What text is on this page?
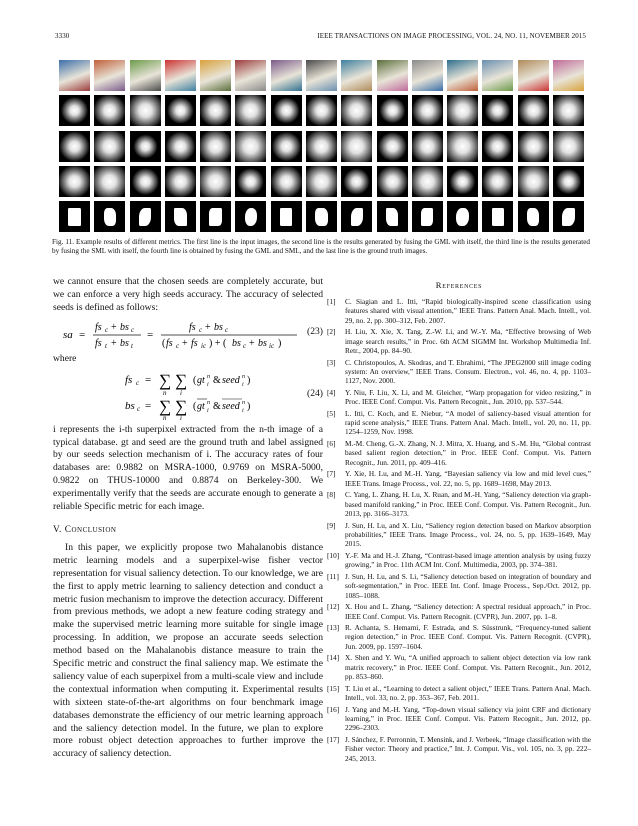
3330	IEEE TRANSACTIONS ON IMAGE PROCESSING, VOL. 24, NO. 11, NOVEMBER 2015
Fig. 11. Example results of different metrics. The first line is the input images, the second line is the results generated by fusing the GML with itself, the third line is the results generated by fusing the SML with itself, the fourth line is obtained by fusing the GML and SML, and the last line is the ground truth images.

we cannot ensure that the chosen seeds are completely accurate, but we can enforce a very high seeds accuracy. The accuracy of selected seeds is defined as follows:

sa =
fs c + bs c
fs t + bs t
=
fs c + bs c
( fs c + fs ic ) + ( bs c + bs ic )
(23)

where

fs c = ∑
n
∑
i
( gt n
i & seed n
i )
bs c = ∑
n
∑
i
( gt n
i & seed n
i )
(24)

i represents the i-th superpixel extracted from the n-th image of a typical database. gt and seed are the ground truth and label assigned by our seeds selection mechanism of i. The accuracy rates of four databases are: 0.9882 on MSRA-1000, 0.9769 on MSRA-5000, 0.9822 on THUS-10000 and 0.8874 on Berkeley-300. We experimentally verify that the seeds are accurate enough to generate a reliable Specific metric for each image.

V. Conclusion

In this paper, we explicitly propose two Mahalanobis distance metric learning models and a superpixel-wise fisher vector representation for visual saliency detection. To our knowledge, we are the first to apply metric learning to saliency detection and conduct a metric fusion mechanism to improve the detection accuracy. Different from previous methods, we adopt a new feature coding strategy and make the supervised metric learning more suitable for single image processing. In addition, we propose an accurate seeds selection method based on the Mahalanobis distance measure to train the Specific metric and construct the final saliency map. We estimate the saliency value of each superpixel from a multi-scale view and include the contextual information when computing it. Experimental results with sixteen state-of-the-art algorithms on four benchmark image databases demonstrate the efficiency of our metric learning approach and the saliency detection model. In the future, we plan to explore more robust object detection approaches to further improve the accuracy of saliency detection.

References
[1] C. Siagian and L. Itti, “Rapid biologically-inspired scene classification using features shared with visual attention,” IEEE Trans. Pattern Anal. Mach. Intell., vol. 29, no. 2, pp. 300–312, Feb. 2007.
[2] H. Liu, X. Xie, X. Tang, Z.-W. Li, and W.-Y. Ma, “Effective browsing of Web image search results,” in Proc. 6th ACM SIGMM Int. Workshop Multimedia Inf. Retr., 2004, pp. 84–90.
[3] C. Christopoulos, A. Skodras, and T. Ebrahimi, “The JPEG2000 still image coding system: An overview,” IEEE Trans. Consum. Electron., vol. 46, no. 4, pp. 1103–1127, Nov. 2000.
[4] Y. Niu, F. Liu, X. Li, and M. Gleicher, “Warp propagation for video resizing,” in Proc. IEEE Conf. Comput. Vis. Pattern Recognit., Jun. 2010, pp. 537–544.
[5] L. Itti, C. Koch, and E. Niebur, “A model of saliency-based visual attention for rapid scene analysis,” IEEE Trans. Pattern Anal. Mach. Intell., vol. 20, no. 11, pp. 1254–1259, Nov. 1998.
[6] M.-M. Cheng, G.-X. Zhang, N. J. Mitra, X. Huang, and S.-M. Hu, “Global contrast based salient region detection,” in Proc. IEEE Conf. Comput. Vis. Pattern Recognit., Jun. 2011, pp. 409–416.
[7] Y. Xie, H. Lu, and M.-H. Yang, “Bayesian saliency via low and mid level cues,” IEEE Trans. Image Process., vol. 22, no. 5, pp. 1689–1698, May 2013.
[8] C. Yang, L. Zhang, H. Lu, X. Ruan, and M.-H. Yang, “Saliency detection via graph-based manifold ranking,” in Proc. IEEE Conf. Comput. Vis. Pattern Recognit., Jun. 2013, pp. 3166–3173.
[9] J. Sun, H. Lu, and X. Liu, “Saliency region detection based on Markov absorption probabilities,” IEEE Trans. Image Process., vol. 24, no. 5, pp. 1639–1649, May 2015.
[10] Y.-F. Ma and H.-J. Zhang, “Contrast-based image attention analysis by using fuzzy growing,” in Proc. 11th ACM Int. Conf. Multimedia, 2003, pp. 374–381.
[11] J. Sun, H. Lu, and S. Li, “Saliency detection based on integration of boundary and soft-segmentation,” in Proc. IEEE Int. Conf. Image Process., Sep./Oct. 2012, pp. 1085–1088.
[12] X. Hou and L. Zhang, “Saliency detection: A spectral residual approach,” in Proc. IEEE Conf. Comput. Vis. Pattern Recognit. (CVPR), Jun. 2007, pp. 1–8.
[13] R. Achanta, S. Hemami, F. Estrada, and S. Süsstrunk, “Frequency-tuned salient region detection,” in Proc. IEEE Conf. Comput. Vis. Pattern Recognit. (CVPR), Jun. 2009, pp. 1597–1604.
[14] X. Shen and Y. Wu, “A unified approach to salient object detection via low rank matrix recovery,” in Proc. IEEE Conf. Comput. Vis. Pattern Recognit., Jun. 2012, pp. 853–860.
[15] T. Liu et al., “Learning to detect a salient object,” IEEE Trans. Pattern Anal. Mach. Intell., vol. 33, no. 2, pp. 353–367, Feb. 2011.
[16] J. Yang and M.-H. Yang, “Top-down visual saliency via joint CRF and dictionary learning,” in Proc. IEEE Conf. Comput. Vis. Pattern Recognit., Jun. 2012, pp. 2296–2303.
[17] J. Sánchez, F. Perronnin, T. Mensink, and J. Verbeek, “Image classification with the Fisher vector: Theory and practice,” Int. J. Comput. Vis., vol. 105, no. 3, pp. 222–245, 2013.
